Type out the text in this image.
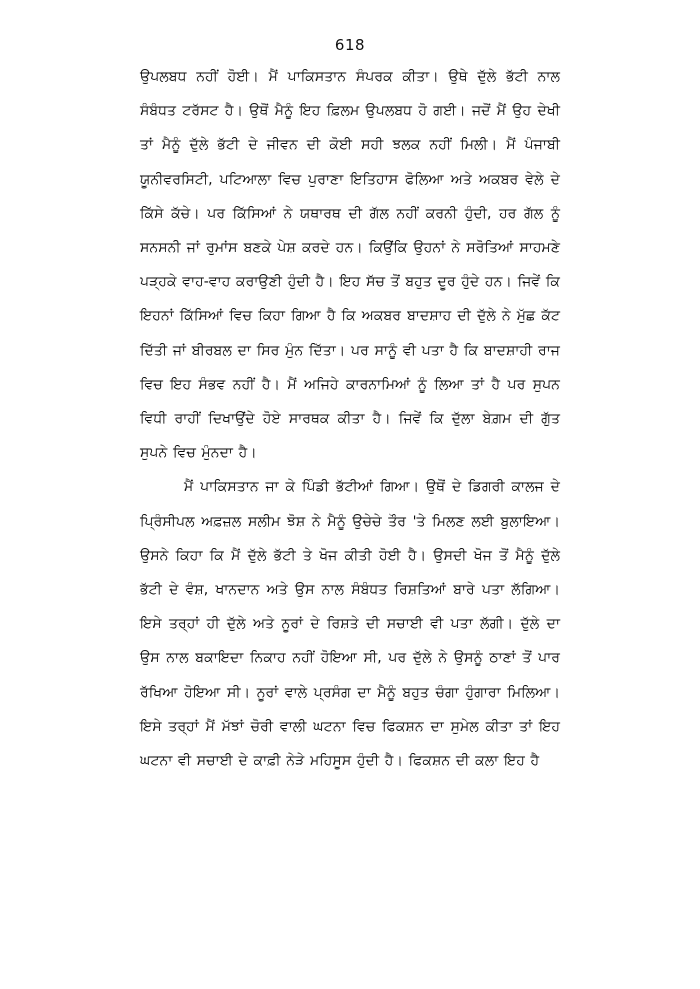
618

ਉਪਲਬਧ ਨਹੀਂ ਹੋਈ। ਮੈਂ ਪਾਕਿਸਤਾਨ ਸੰਪਰਕ ਕੀਤਾ। ਉਥੇ ਦੁੱਲੇ ਭੱਟੀ ਨਾਲ ਸੰਬੰਧਤ ਟਰੱਸਟ ਹੈ। ਉਥੋਂ ਮੈਨੂੰ ਇਹ ਫ਼ਿਲਮ ਉਪਲਬਧ ਹੋ ਗਈ। ਜਦੋਂ ਮੈਂ ਉਹ ਦੇਖੀ ਤਾਂ ਮੈਨੂੰ ਦੁੱਲੇ ਭੱਟੀ ਦੇ ਜੀਵਨ ਦੀ ਕੋਈ ਸਹੀ ਝਲਕ ਨਹੀਂ ਮਿਲੀ। ਮੈਂ ਪੰਜਾਬੀ ਯੂਨੀਵਰਸਿਟੀ, ਪਟਿਆਲਾ ਵਿਚ ਪੁਰਾਣਾ ਇਤਿਹਾਸ ਫੋਲਿਆ ਅਤੇ ਅਕਬਰ ਵੇਲੇ ਦੇ ਕਿੱਸੇ ਕੱਚੇ। ਪਰ ਕਿੱਸਿਆਂ ਨੇ ਯਥਾਰਥ ਦੀ ਗੱਲ ਨਹੀਂ ਕਰਨੀ ਹੁੰਦੀ, ਹਰ ਗੱਲ ਨੂੰ ਸਨਸਨੀ ਜਾਂ ਰੁਮਾਂਸ ਬਣਕੇ ਪੇਸ਼ ਕਰਦੇ ਹਨ। ਕਿਉਂਕਿ ਉਹਨਾਂ ਨੇ ਸਰੋਤਿਆਂ ਸਾਹਮਣੇ ਪੜ੍ਹਕੇ ਵਾਹ-ਵਾਹ ਕਰਾਉਣੀ ਹੁੰਦੀ ਹੈ। ਇਹ ਸੱਚ ਤੋਂ ਬਹੁਤ ਦੂਰ ਹੁੰਦੇ ਹਨ। ਜਿਵੇਂ ਕਿ ਇਹਨਾਂ ਕਿੱਸਿਆਂ ਵਿਚ ਕਿਹਾ ਗਿਆ ਹੈ ਕਿ ਅਕਬਰ ਬਾਦਸ਼ਾਹ ਦੀ ਦੁੱਲੇ ਨੇ ਮੁੱਛ ਕੱਟ ਦਿੱਤੀ ਜਾਂ ਬੀਰਬਲ ਦਾ ਸਿਰ ਮੁੰਨ ਦਿੱਤਾ। ਪਰ ਸਾਨੂੰ ਵੀ ਪਤਾ ਹੈ ਕਿ ਬਾਦਸ਼ਾਹੀ ਰਾਜ ਵਿਚ ਇਹ ਸੰਭਵ ਨਹੀਂ ਹੈ। ਮੈਂ ਅਜਿਹੇ ਕਾਰਨਾਮਿਆਂ ਨੂੰ ਲਿਆ ਤਾਂ ਹੈ ਪਰ ਸੁਪਨ ਵਿਧੀ ਰਾਹੀਂ ਦਿਖਾਉਂਦੇ ਹੋਏ ਸਾਰਥਕ ਕੀਤਾ ਹੈ। ਜਿਵੇਂ ਕਿ ਦੁੱਲਾ ਬੇਗ਼ਮ ਦੀ ਗੁੱਤ ਸੁਪਨੇ ਵਿਚ ਮੁੰਨਦਾ ਹੈ।

ਮੈਂ ਪਾਕਿਸਤਾਨ ਜਾ ਕੇ ਪਿੰਡੀ ਭੱਟੀਆਂ ਗਿਆ। ਉਥੋਂ ਦੇ ਡਿਗਰੀ ਕਾਲਜ ਦੇ ਪ੍ਰਿੰਸੀਪਲ ਅਫ਼ਜ਼ਲ ਸਲੀਮ ਝੋਸ਼ ਨੇ ਮੈਨੂੰ ਉਚੇਚੇ ਤੌਰ 'ਤੇ ਮਿਲਣ ਲਈ ਬੁਲਾਇਆ। ਉਸਨੇ ਕਿਹਾ ਕਿ ਮੈਂ ਦੁੱਲੇ ਭੱਟੀ ਤੇ ਖੋਜ ਕੀਤੀ ਹੋਈ ਹੈ। ਉਸਦੀ ਖੋਜ ਤੋਂ ਮੈਨੂੰ ਦੁੱਲੇ ਭੱਟੀ ਦੇ ਵੰਸ਼, ਖਾਨਦਾਨ ਅਤੇ ਉਸ ਨਾਲ ਸੰਬੰਧਤ ਰਿਸ਼ਤਿਆਂ ਬਾਰੇ ਪਤਾ ਲੱਗਿਆ। ਇਸੇ ਤਰ੍ਹਾਂ ਹੀ ਦੁੱਲੇ ਅਤੇ ਨੂਰਾਂ ਦੇ ਰਿਸ਼ਤੇ ਦੀ ਸਚਾਈ ਵੀ ਪਤਾ ਲੱਗੀ। ਦੁੱਲੇ ਦਾ ਉਸ ਨਾਲ ਬਕਾਇਦਾ ਨਿਕਾਹ ਨਹੀਂ ਹੋਇਆ ਸੀ, ਪਰ ਦੁੱਲੇ ਨੇ ਉਸਨੂੰ ਠਾਣਾਂ ਤੋਂ ਪਾਰ ਰੱਖਿਆ ਹੋਇਆ ਸੀ। ਨੂਰਾਂ ਵਾਲੇ ਪ੍ਰਸੰਗ ਦਾ ਮੈਨੂੰ ਬਹੁਤ ਚੰਗਾ ਹੁੰਗਾਰਾ ਮਿਲਿਆ। ਇਸੇ ਤਰ੍ਹਾਂ ਮੈਂ ਮੱਝਾਂ ਚੋਰੀ ਵਾਲੀ ਘਟਨਾ ਵਿਚ ਫਿਕਸ਼ਨ ਦਾ ਸੁਮੇਲ ਕੀਤਾ ਤਾਂ ਇਹ ਘਟਨਾ ਵੀ ਸਚਾਈ ਦੇ ਕਾਫ਼ੀ ਨੇੜੇ ਮਹਿਸੂਸ ਹੁੰਦੀ ਹੈ। ਫਿਕਸ਼ਨ ਦੀ ਕਲਾ ਇਹ ਹੈ
